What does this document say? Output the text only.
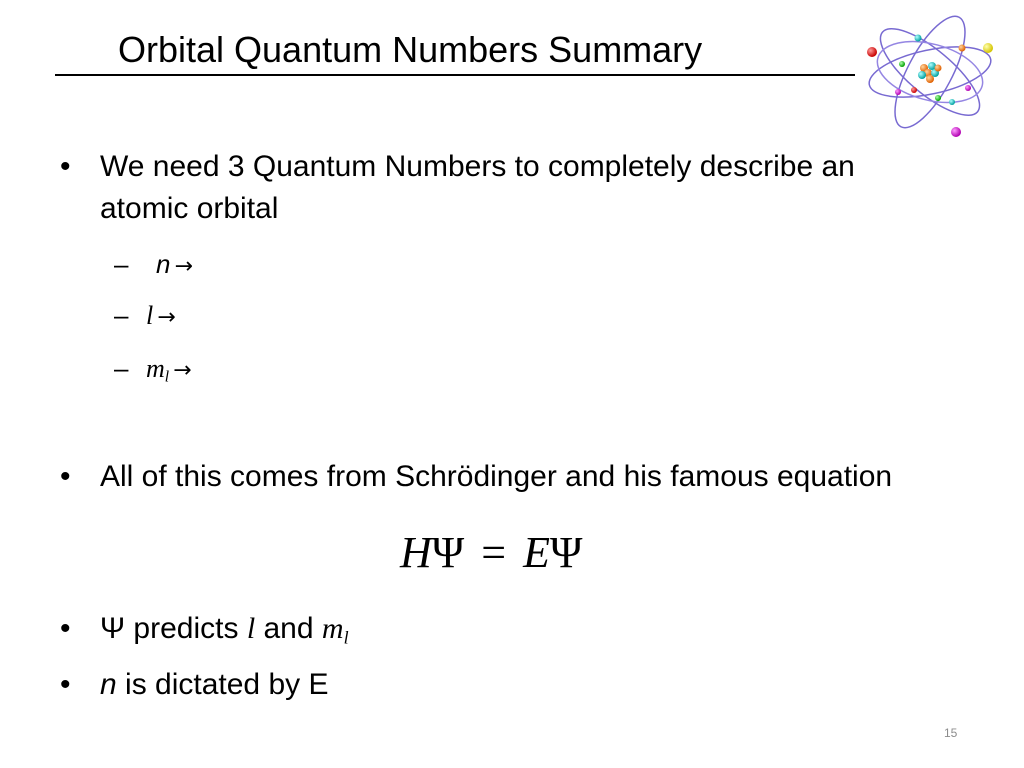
Orbital Quantum Numbers Summary
• We need 3 Quantum Numbers to completely describe an atomic orbital
– n →
– l →
– ml →
• All of this comes from Schrödinger and his famous equation
HΨ = EΨ
• Ψ predicts l and ml
• n is dictated by E
15
